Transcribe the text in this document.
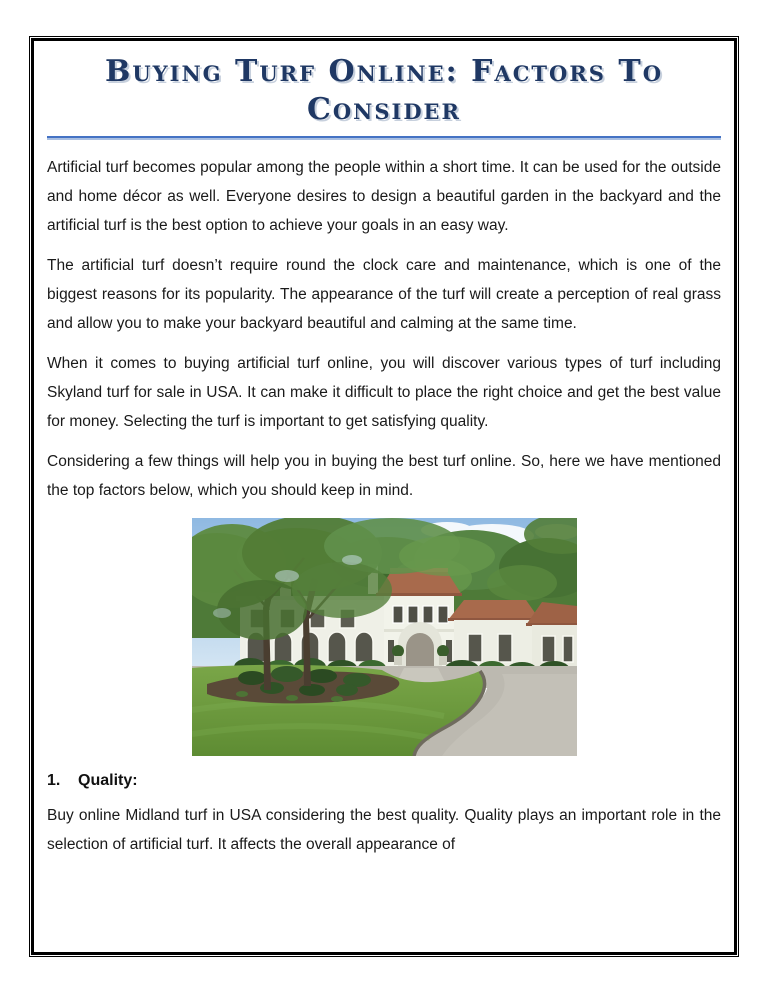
Buying Turf Online: Factors To Consider

Artificial turf becomes popular among the people within a short time. It can be used for the outside and home décor as well. Everyone desires to design a beautiful garden in the backyard and the artificial turf is the best option to achieve your goals in an easy way.

The artificial turf doesn’t require round the clock care and maintenance, which is one of the biggest reasons for its popularity. The appearance of the turf will create a perception of real grass and allow you to make your backyard beautiful and calming at the same time.

When it comes to buying artificial turf online, you will discover various types of turf including Skyland turf for sale in USA. It can make it difficult to place the right choice and get the best value for money. Selecting the turf is important to get satisfying quality.

Considering a few things will help you in buying the best turf online. So, here we have mentioned the top factors below, which you should keep in mind.

1. Quality:

Buy online Midland turf in USA considering the best quality. Quality plays an important role in the selection of artificial turf. It affects the overall appearance of
